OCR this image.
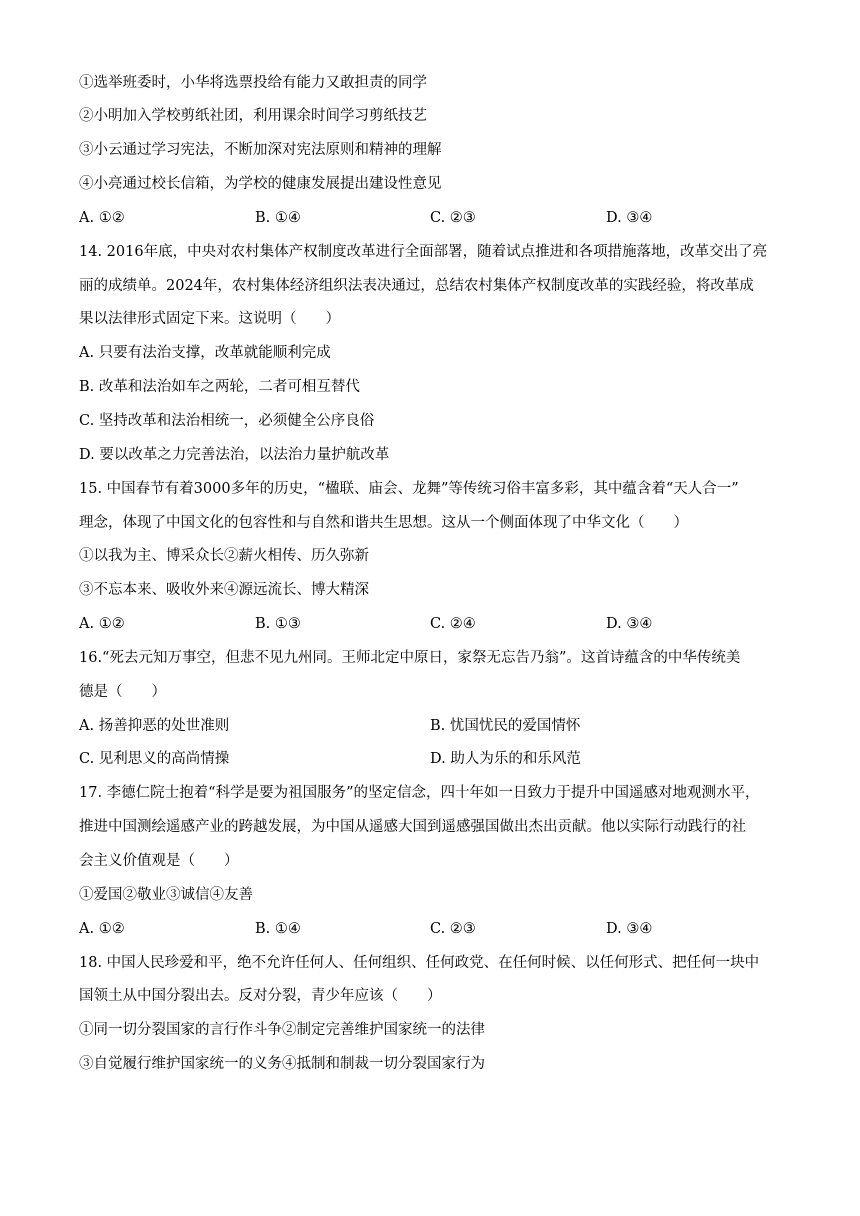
①选举班委时，小华将选票投给有能力又敢担责的同学
②小明加入学校剪纸社团，利用课余时间学习剪纸技艺
③小云通过学习宪法，不断加深对宪法原则和精神的理解
④小亮通过校长信箱，为学校的健康发展提出建设性意见
A. ①②	B. ①④	C. ②③	D. ③④
14. 2016年底，中央对农村集体产权制度改革进行全面部署，随着试点推进和各项措施落地，改革交出了亮
丽的成绩单。2024年，农村集体经济组织法表决通过，总结农村集体产权制度改革的实践经验，将改革成
果以法律形式固定下来。这说明（　　）
A. 只要有法治支撑，改革就能顺利完成
B. 改革和法治如车之两轮，二者可相互替代
C. 坚持改革和法治相统一，必须健全公序良俗
D. 要以改革之力完善法治，以法治力量护航改革
15. 中国春节有着3000多年的历史，“楹联、庙会、龙舞”等传统习俗丰富多彩，其中蕴含着“天人合一”
理念，体现了中国文化的包容性和与自然和谐共生思想。这从一个侧面体现了中华文化（　　）
①以我为主、博采众长②薪火相传、历久弥新
③不忘本来、吸收外来④源远流长、博大精深
A. ①②	B. ①③	C. ②④	D. ③④
16.“死去元知万事空，但悲不见九州同。王师北定中原日，家祭无忘告乃翁”。这首诗蕴含的中华传统美
德是（　　）
A. 扬善抑恶的处世准则	B. 忧国忧民的爱国情怀
C. 见利思义的高尚情操	D. 助人为乐的和乐风范
17. 李德仁院士抱着“科学是要为祖国服务”的坚定信念，四十年如一日致力于提升中国遥感对地观测水平，
推进中国测绘遥感产业的跨越发展，为中国从遥感大国到遥感强国做出杰出贡献。他以实际行动践行的社
会主义价值观是（　　）
①爱国②敬业③诚信④友善
A. ①②	B. ①④	C. ②③	D. ③④
18. 中国人民珍爱和平，绝不允许任何人、任何组织、任何政党、在任何时候、以任何形式、把任何一块中
国领土从中国分裂出去。反对分裂，青少年应该（　　）
①同一切分裂国家的言行作斗争②制定完善维护国家统一的法律
③自觉履行维护国家统一的义务④抵制和制裁一切分裂国家行为
